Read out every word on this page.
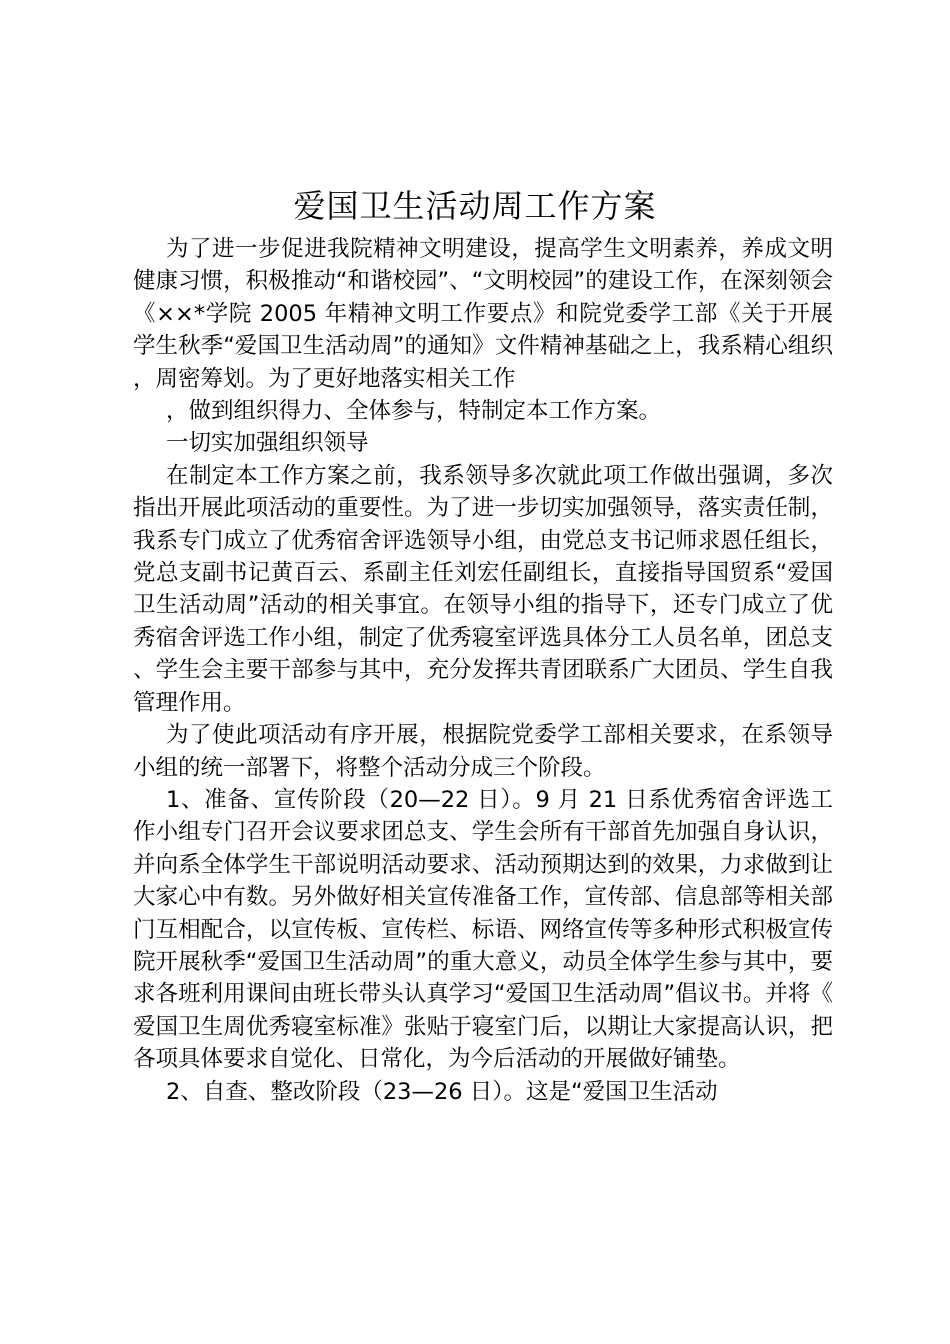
爱国卫生活动周工作方案

为了进一步促进我院精神文明建设，提高学生文明素养，养成文明健康习惯，积极推动“和谐校园”、“文明校园”的建设工作，在深刻领会《××*学院 2005 年精神文明工作要点》和院党委学工部《关于开展学生秋季“爱国卫生活动周”的通知》文件精神基础之上，我系精心组织，周密筹划。为了更好地落实相关工作

，做到组织得力、全体参与，特制定本工作方案。

一切实加强组织领导

在制定本工作方案之前，我系领导多次就此项工作做出强调，多次指出开展此项活动的重要性。为了进一步切实加强领导，落实责任制，我系专门成立了优秀宿舍评选领导小组，由党总支书记师求恩任组长，党总支副书记黄百云、系副主任刘宏任副组长，直接指导国贸系“爱国卫生活动周”活动的相关事宜。在领导小组的指导下，还专门成立了优秀宿舍评选工作小组，制定了优秀寝室评选具体分工人员名单，团总支、学生会主要干部参与其中，充分发挥共青团联系广大团员、学生自我管理作用。

为了使此项活动有序开展，根据院党委学工部相关要求，在系领导小组的统一部署下，将整个活动分成三个阶段。

1、准备、宣传阶段（20—22 日）。9 月 21 日系优秀宿舍评选工作小组专门召开会议要求团总支、学生会所有干部首先加强自身认识，并向系全体学生干部说明活动要求、活动预期达到的效果，力求做到让大家心中有数。另外做好相关宣传准备工作，宣传部、信息部等相关部门互相配合，以宣传板、宣传栏、标语、网络宣传等多种形式积极宣传院开展秋季“爱国卫生活动周”的重大意义，动员全体学生参与其中，要求各班利用课间由班长带头认真学习“爱国卫生活动周”倡议书。并将《爱国卫生周优秀寝室标准》张贴于寝室门后，以期让大家提高认识，把各项具体要求自觉化、日常化，为今后活动的开展做好铺垫。

2、自查、整改阶段（23—26 日）。这是“爱国卫生活动
